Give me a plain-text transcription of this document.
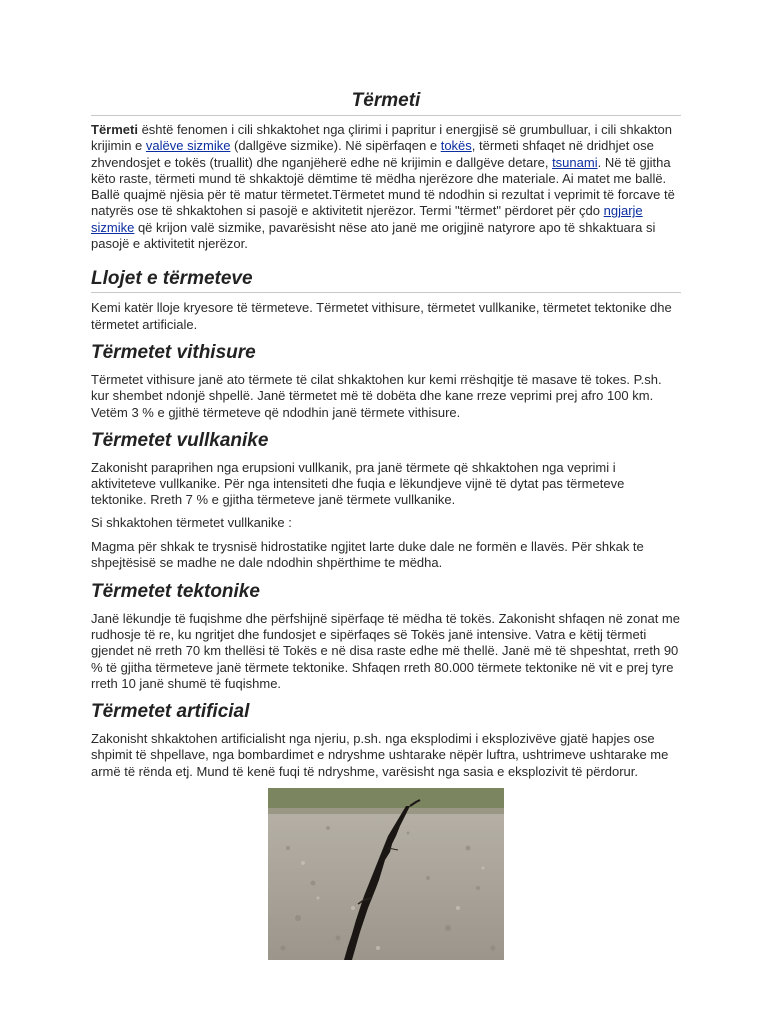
Tërmeti

Tërmeti është fenomen i cili shkaktohet nga çlirimi i papritur i energjisë së grumbulluar, i cili shkakton krijimin e valëve sizmike (dallgëve sizmike). Në sipërfaqen e tokës, tërmeti shfaqet në dridhjet ose zhvendosjet e tokës (truallit) dhe nganjëherë edhe në krijimin e dallgëve detare, tsunami. Në të gjitha këto raste, tërmeti mund të shkaktojë dëmtime të mëdha njerëzore dhe materiale. Ai matet me ballë. Ballë quajmë njësia për të matur tërmetet.Tërmetet mund të ndodhin si rezultat i veprimit të forcave të natyrës ose të shkaktohen si pasojë e aktivitetit njerëzor. Termi "tërmet" përdoret për çdo ngjarje sizmike që krijon valë sizmike, pavarësisht nëse ato janë me origjinë natyrore apo të shkaktuara si pasojë e aktivitetit njerëzor.

Llojet e tërmeteve

Kemi katër lloje kryesore të tërmeteve. Tërmetet vithisure, tërmetet vullkanike, tërmetet tektonike dhe tërmetet artificiale.

Tërmetet vithisure

Tërmetet vithisure janë ato tërmete të cilat shkaktohen kur kemi rrëshqitje të masave të tokes. P.sh. kur shembet ndonjë shpellë. Janë tërmetet më të dobëta dhe kane rreze veprimi prej afro 100 km. Vetëm 3 % e gjithë tërmeteve që ndodhin janë tërmete vithisure.

Tërmetet vullkanike

Zakonisht paraprihen nga erupsioni vullkanik, pra janë tërmete që shkaktohen nga veprimi i aktiviteteve vullkanike. Për nga intensiteti dhe fuqia e lëkundjeve vijnë të dytat pas tërmeteve tektonike. Rreth 7 % e gjitha tërmeteve janë tërmete vullkanike.

Si shkaktohen tërmetet vullkanike :

Magma për shkak te trysnisë hidrostatike ngjitet larte duke dale ne formën e llavës. Për shkak te shpejtësisë se madhe ne dale ndodhin shpërthime te mëdha.

Tërmetet tektonike

Janë lëkundje të fuqishme dhe përfshijnë sipërfaqe të mëdha të tokës. Zakonisht shfaqen në zonat me rudhosje të re, ku ngritjet dhe fundosjet e sipërfaqes së Tokës janë intensive. Vatra e këtij tërmeti gjendet në rreth 70 km thellësi të Tokës e në disa raste edhe më thellë. Janë më të shpeshtat, rreth 90 % të gjitha tërmeteve janë tërmete tektonike. Shfaqen rreth 80.000 tërmete tektonike në vit e prej tyre rreth 10 janë shumë të fuqishme.

Tërmetet artificial

Zakonisht shkaktohen artificialisht nga njeriu, p.sh. nga eksplodimi i eksplozivëve gjatë hapjes ose shpimit të shpellave, nga bombardimet e ndryshme ushtarake nëpër luftra, ushtrimeve ushtarake me armë të rënda etj. Mund të kenë fuqi të ndryshme, varësisht nga sasia e eksplozivit të përdorur.
